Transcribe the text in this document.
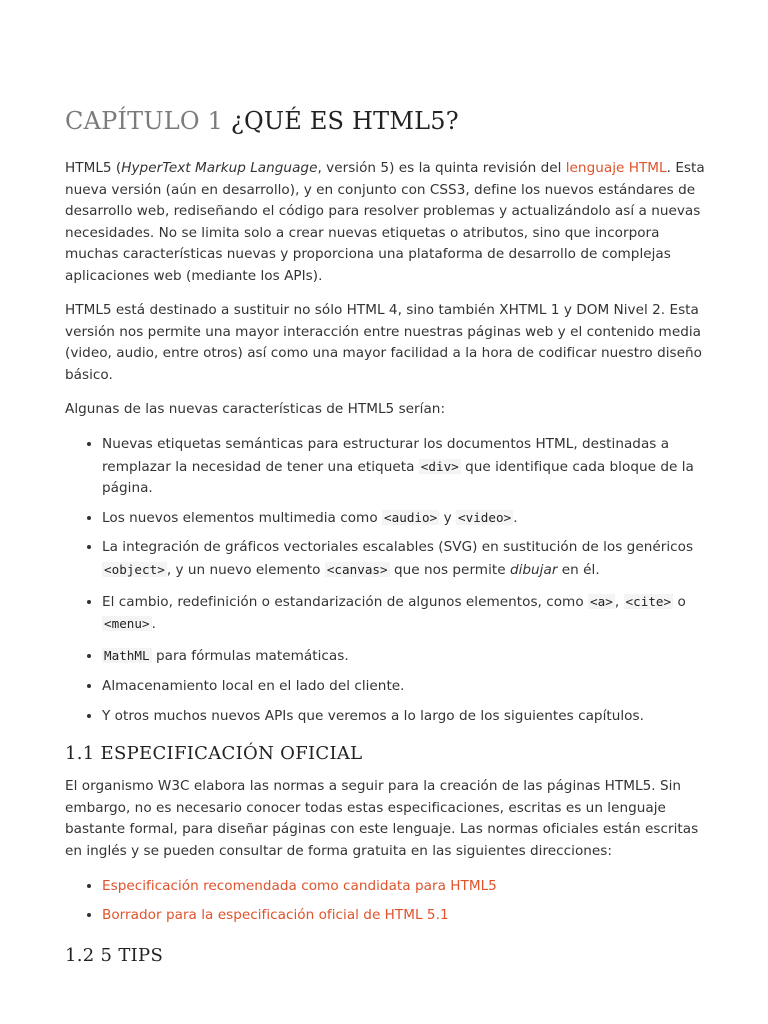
CAPÍTULO 1 ¿QUÉ ES HTML5?

HTML5 (HyperText Markup Language, versión 5) es la quinta revisión del lenguaje HTML. Esta nueva versión (aún en desarrollo), y en conjunto con CSS3, define los nuevos estándares de desarrollo web, rediseñando el código para resolver problemas y actualizándolo así a nuevas necesidades. No se limita solo a crear nuevas etiquetas o atributos, sino que incorpora muchas características nuevas y proporciona una plataforma de desarrollo de complejas aplicaciones web (mediante los APIs).

HTML5 está destinado a sustituir no sólo HTML 4, sino también XHTML 1 y DOM Nivel 2. Esta versión nos permite una mayor interacción entre nuestras páginas web y el contenido media (video, audio, entre otros) así como una mayor facilidad a la hora de codificar nuestro diseño básico.

Algunas de las nuevas características de HTML5 serían:

• Nuevas etiquetas semánticas para estructurar los documentos HTML, destinadas a remplazar la necesidad de tener una etiqueta <div> que identifique cada bloque de la página.
• Los nuevos elementos multimedia como <audio> y <video> .
• La integración de gráficos vectoriales escalables (SVG) en sustitución de los genéricos <object> , y un nuevo elemento <canvas> que nos permite dibujar en él.
• El cambio, redefinición o estandarización de algunos elementos, como <a> , <cite> o <menu> .
• MathML para fórmulas matemáticas.
• Almacenamiento local en el lado del cliente.
• Y otros muchos nuevos APIs que veremos a lo largo de los siguientes capítulos.
1.1 ESPECIFICACIÓN OFICIAL

El organismo W3C elabora las normas a seguir para la creación de las páginas HTML5. Sin embargo, no es necesario conocer todas estas especificaciones, escritas es un lenguaje bastante formal, para diseñar páginas con este lenguaje. Las normas oficiales están escritas en inglés y se pueden consultar de forma gratuita en las siguientes direcciones:

• Especificación recomendada como candidata para HTML5
• Borrador para la especificación oficial de HTML 5.1
1.2 5 TIPS
